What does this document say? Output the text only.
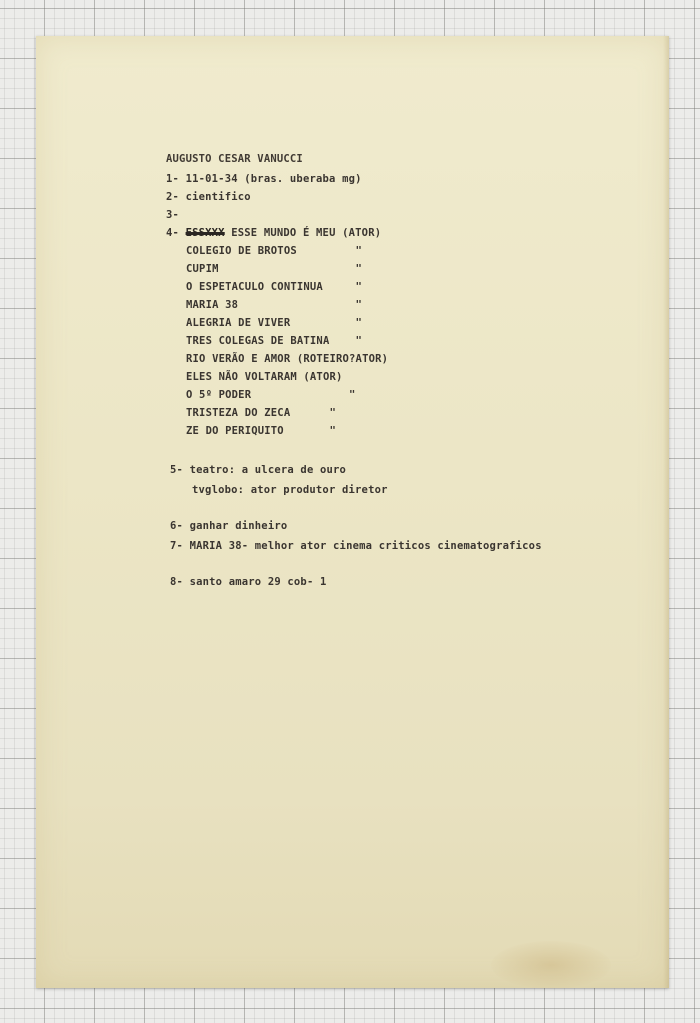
AUGUSTO CESAR VANUCCI
1- 11-01-34 (bras. uberaba mg)
2- cientifico
3-
4- ESSXXX ESSE MUNDO É MEU (ATOR)
COLEGIO DE BROTOS         "
CUPIM                     "
O ESPETACULO CONTINUA     "
MARIA 38                  "
ALEGRIA DE VIVER          "
TRES COLEGAS DE BATINA    "
RIO VERÃO E AMOR (ROTEIRO?ATOR)
ELES NÃO VOLTARAM (ATOR)
O 5º PODER               "
TRISTEZA DO ZECA      "
ZE DO PERIQUITO       "
5- teatro: a ulcera de ouro
tvglobo: ator produtor diretor
6- ganhar dinheiro
7- MARIA 38- melhor ator cinema criticos cinematograficos
8- santo amaro 29 cob- 1
